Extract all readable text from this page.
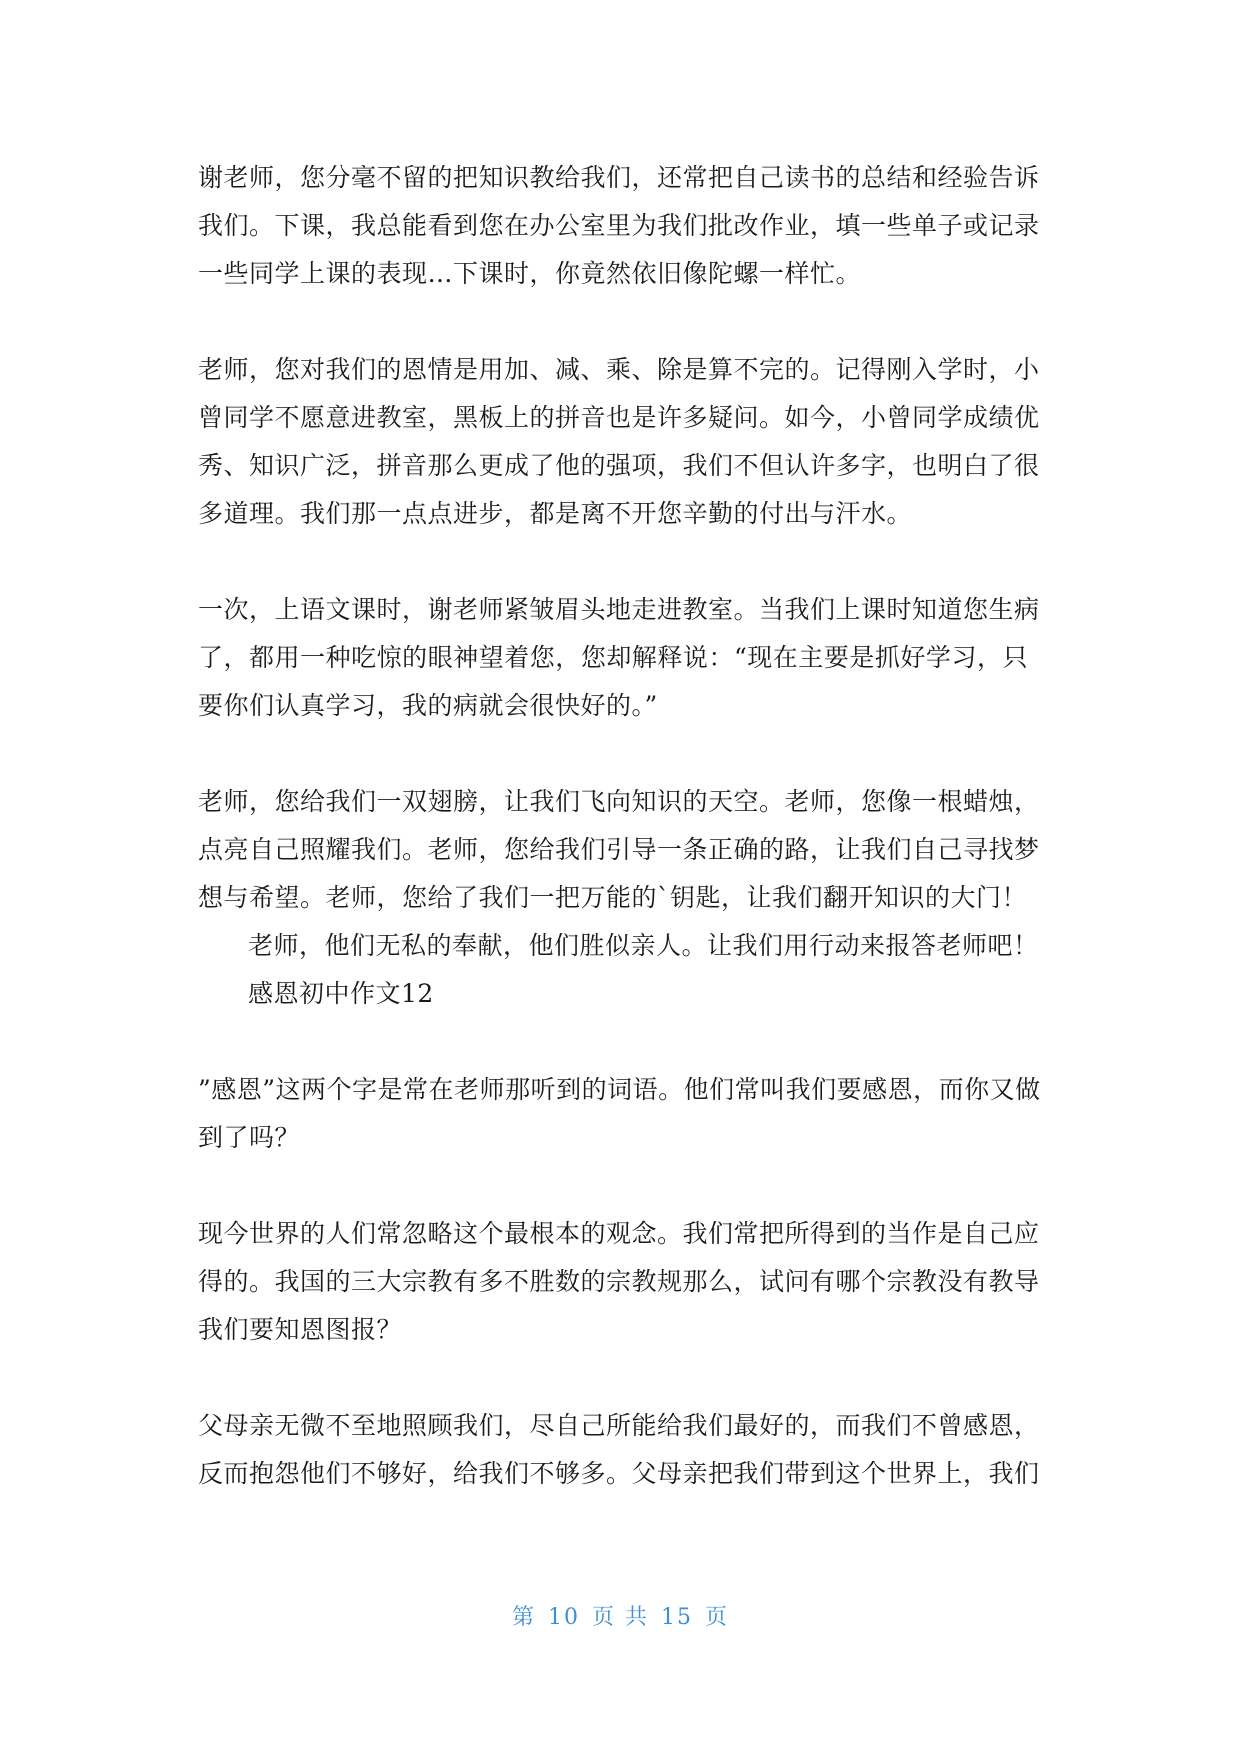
谢老师，您分毫不留的把知识教给我们，还常把自己读书的总结和经验告诉
我们。下课，我总能看到您在办公室里为我们批改作业，填一些单子或记录
一些同学上课的表现…下课时，你竟然依旧像陀螺一样忙。
老师，您对我们的恩情是用加、减、乘、除是算不完的。记得刚入学时，小
曾同学不愿意进教室，黑板上的拼音也是许多疑问。如今，小曾同学成绩优
秀、知识广泛，拼音那么更成了他的强项，我们不但认许多字，也明白了很
多道理。我们那一点点进步，都是离不开您辛勤的付出与汗水。
一次，上语文课时，谢老师紧皱眉头地走进教室。当我们上课时知道您生病
了，都用一种吃惊的眼神望着您，您却解释说：“现在主要是抓好学习，只
要你们认真学习，我的病就会很快好的。”
老师，您给我们一双翅膀，让我们飞向知识的天空。老师，您像一根蜡烛，
点亮自己照耀我们。老师，您给我们引导一条正确的路，让我们自己寻找梦
想与希望。老师，您给了我们一把万能的`钥匙，让我们翻开知识的大门！
老师，他们无私的奉献，他们胜似亲人。让我们用行动来报答老师吧！
感恩初中作文12
”感恩”这两个字是常在老师那听到的词语。他们常叫我们要感恩，而你又做
到了吗？
现今世界的人们常忽略这个最根本的观念。我们常把所得到的当作是自己应
得的。我国的三大宗教有多不胜数的宗教规那么，试问有哪个宗教没有教导
我们要知恩图报？
父母亲无微不至地照顾我们，尽自己所能给我们最好的，而我们不曾感恩，
反而抱怨他们不够好，给我们不够多。父母亲把我们带到这个世界上，我们
第 10 页 共 15 页
